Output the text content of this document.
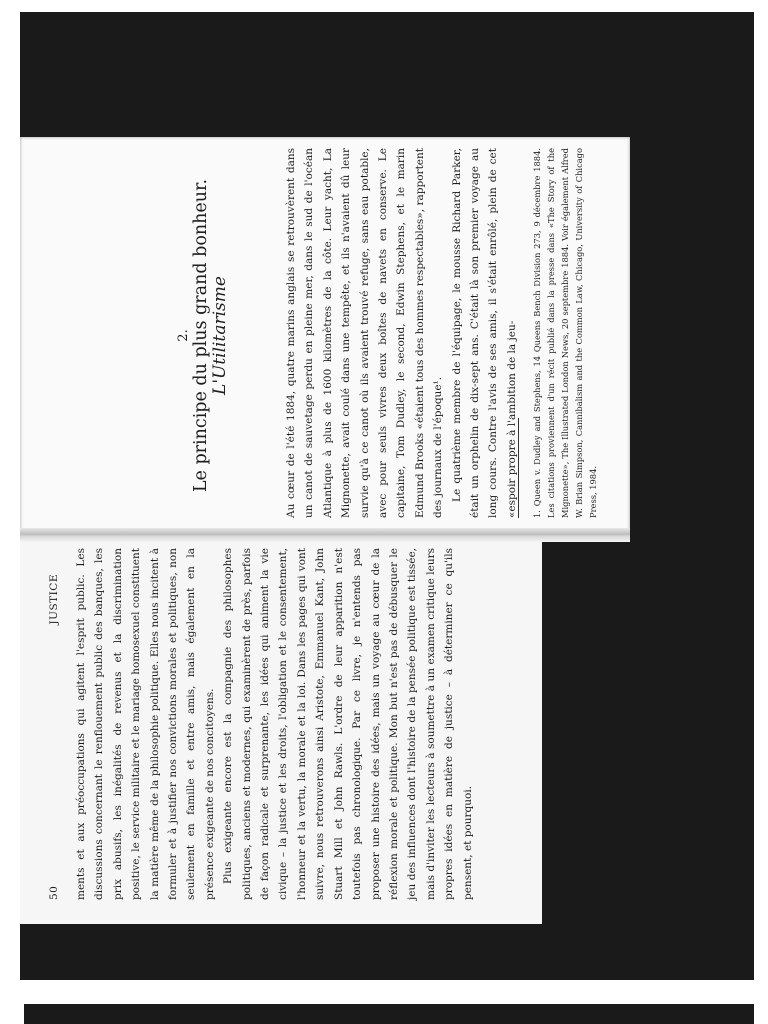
50
JUSTICE ments et aux préoccupations qui agitent l'esprit public. Les discussions concernant le renflouement public des banques, les prix abusifs, les inégalités de revenus et la discrimination positive, le service militaire et le mariage homosexuel constituent la matière même de la philosophie politique. Elles nous incitent à formuler et à justifier nos convictions morales et politiques, non seulement en famille et entre amis, mais également en la présence exigeante de nos concitoyens. Plus exigeante encore est la compagnie des philosophes politiques, anciens et modernes, qui examinèrent de près, parfois de façon radicale et surprenante, les idées qui animent la vie civique – la justice et les droits, l'obligation et le consentement, l'honneur et la vertu, la morale et la loi. Dans les pages qui vont suivre, nous retrouverons ainsi Aristote, Emmanuel Kant, John Stuart Mill et John Rawls. L'ordre de leur apparition n'est toutefois pas chronologique. Par ce livre, je n'entends pas proposer une histoire des idées, mais un voyage au cœur de la réflexion morale et politique. Mon but n'est pas de débusquer le jeu des influences dont l'histoire de la pensée politique est tissée, mais d'inviter les lecteurs à soumettre à un examen critique leurs propres idées en matière de justice – à déterminer ce qu'ils pensent, et pourquoi.

2. Le principe du plus grand bonheur. L'Utilitarisme	Au cœur de l'été 1884, quatre marins anglais se retrouvèrent dans un canot de sauvetage perdu en pleine mer, dans le sud de l'océan Atlantique à plus de 1600 kilomètres de la côte. Leur yacht, La Mignonette, avait coulé dans une tempête, et ils n'avaient dû leur survie qu'à ce canot où ils avaient trouvé refuge, sans eau potable, avec pour seuls vivres deux boîtes de navets en conserve. Le capitaine, Tom Dudley, le second, Edwin Stephens, et le marin Edmund Brooks «étaient tous des hommes respectables», rapportent des journaux de l'époque¹. Le quatrième membre de l'équipage, le mousse Richard Parker, était un orphelin de dix-sept ans. C'était là son premier voyage au long cours. Contre l'avis de ses amis, il s'était enrôlé, plein de cet «espoir propre à l'ambition de la jeu-	1. Queen v. Dudley and Stephens, 14 Queens Bench Division 273, 9 décembre 1884. Les citations proviennent d'un récit publié dans la presse dans «The Story of the Mignonette», The Illustrated London News, 20 septembre 1884. Voir également Alfred W. Brian Simpson, Cannibalism and the Common Law, Chicago, University of Chicago Press, 1984.
